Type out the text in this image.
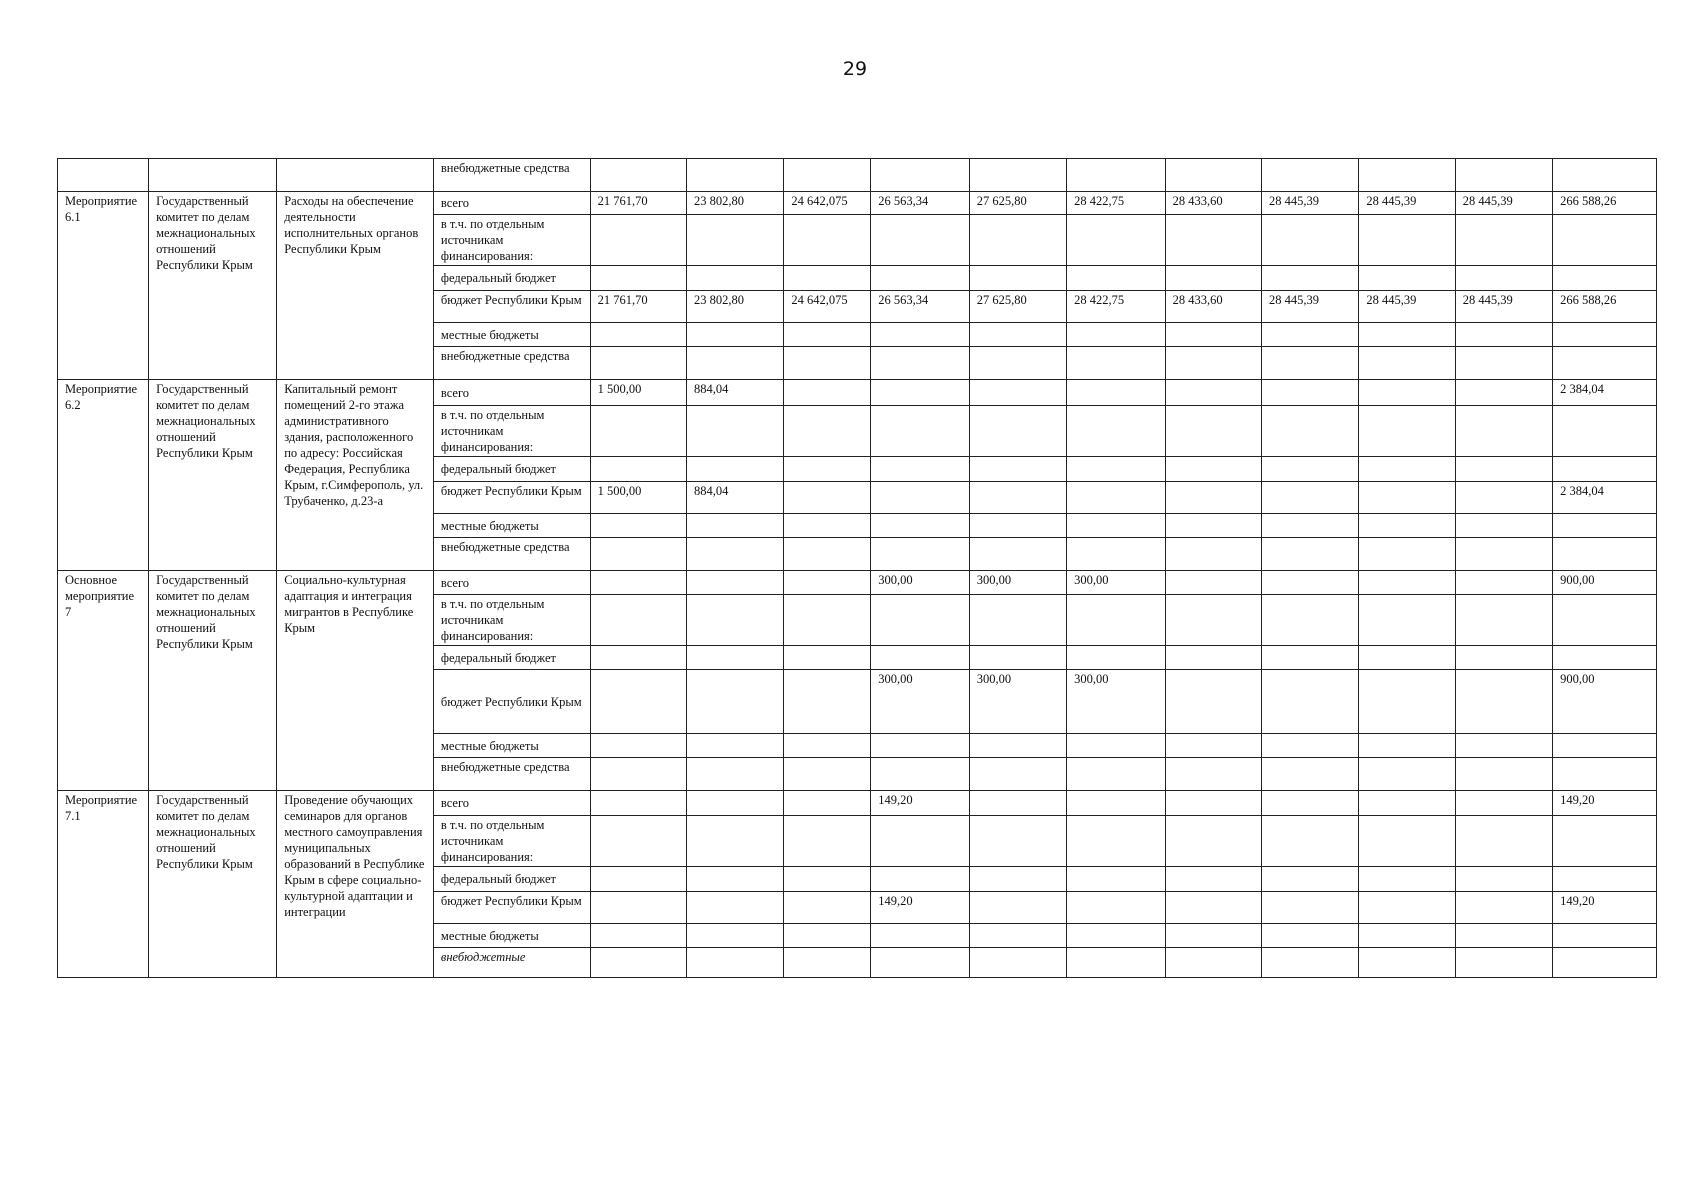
29
			внебюджетные средства											
Мероприятие 6.1	Государственный комитет по делам межнациональных отношений Республики Крым	Расходы на обеспечение деятельности исполнительных органов Республики Крым	всего	21 761,70	23 802,80	24 642,075	26 563,34	27 625,80	28 422,75	28 433,60	28 445,39	28 445,39	28 445,39	266 588,26
			в т.ч. по отдельным источникам финансирования:											
			федеральный бюджет											
			бюджет Республики Крым	21 761,70	23 802,80	24 642,075	26 563,34	27 625,80	28 422,75	28 433,60	28 445,39	28 445,39	28 445,39	266 588,26
			местные бюджеты											
			внебюджетные средства											
Мероприятие 6.2	Государственный комитет по делам межнациональных отношений Республики Крым	Капитальный ремонт помещений 2-го этажа административного здания, расположенного по адресу: Российская Федерация, Республика Крым, г.Симферополь, ул. Трубаченко, д.23-а	всего	1 500,00	884,04									2 384,04
			в т.ч. по отдельным источникам финансирования:											
			федеральный бюджет											
			бюджет Республики Крым	1 500,00	884,04									2 384,04
			местные бюджеты											
			внебюджетные средства											
Основное мероприятие 7	Государственный комитет по делам межнациональных отношений Республики Крым	Социально-культурная адаптация и интеграция мигрантов в Республике Крым	всего				300,00	300,00	300,00					900,00
			в т.ч. по отдельным источникам финансирования:											
			федеральный бюджет											
			бюджет Республики Крым				300,00	300,00	300,00					900,00
			местные бюджеты											
			внебюджетные средства											
Мероприятие 7.1	Государственный комитет по делам межнациональных отношений Республики Крым	Проведение обучающих семинаров для органов местного самоуправления муниципальных образований в Республике Крым в сфере социально-культурной адаптации и интеграции	всего				149,20							149,20
			в т.ч. по отдельным источникам финансирования:											
			федеральный бюджет											
			бюджет Республики Крым				149,20							149,20
			местные бюджеты											
			внебюджетные											
